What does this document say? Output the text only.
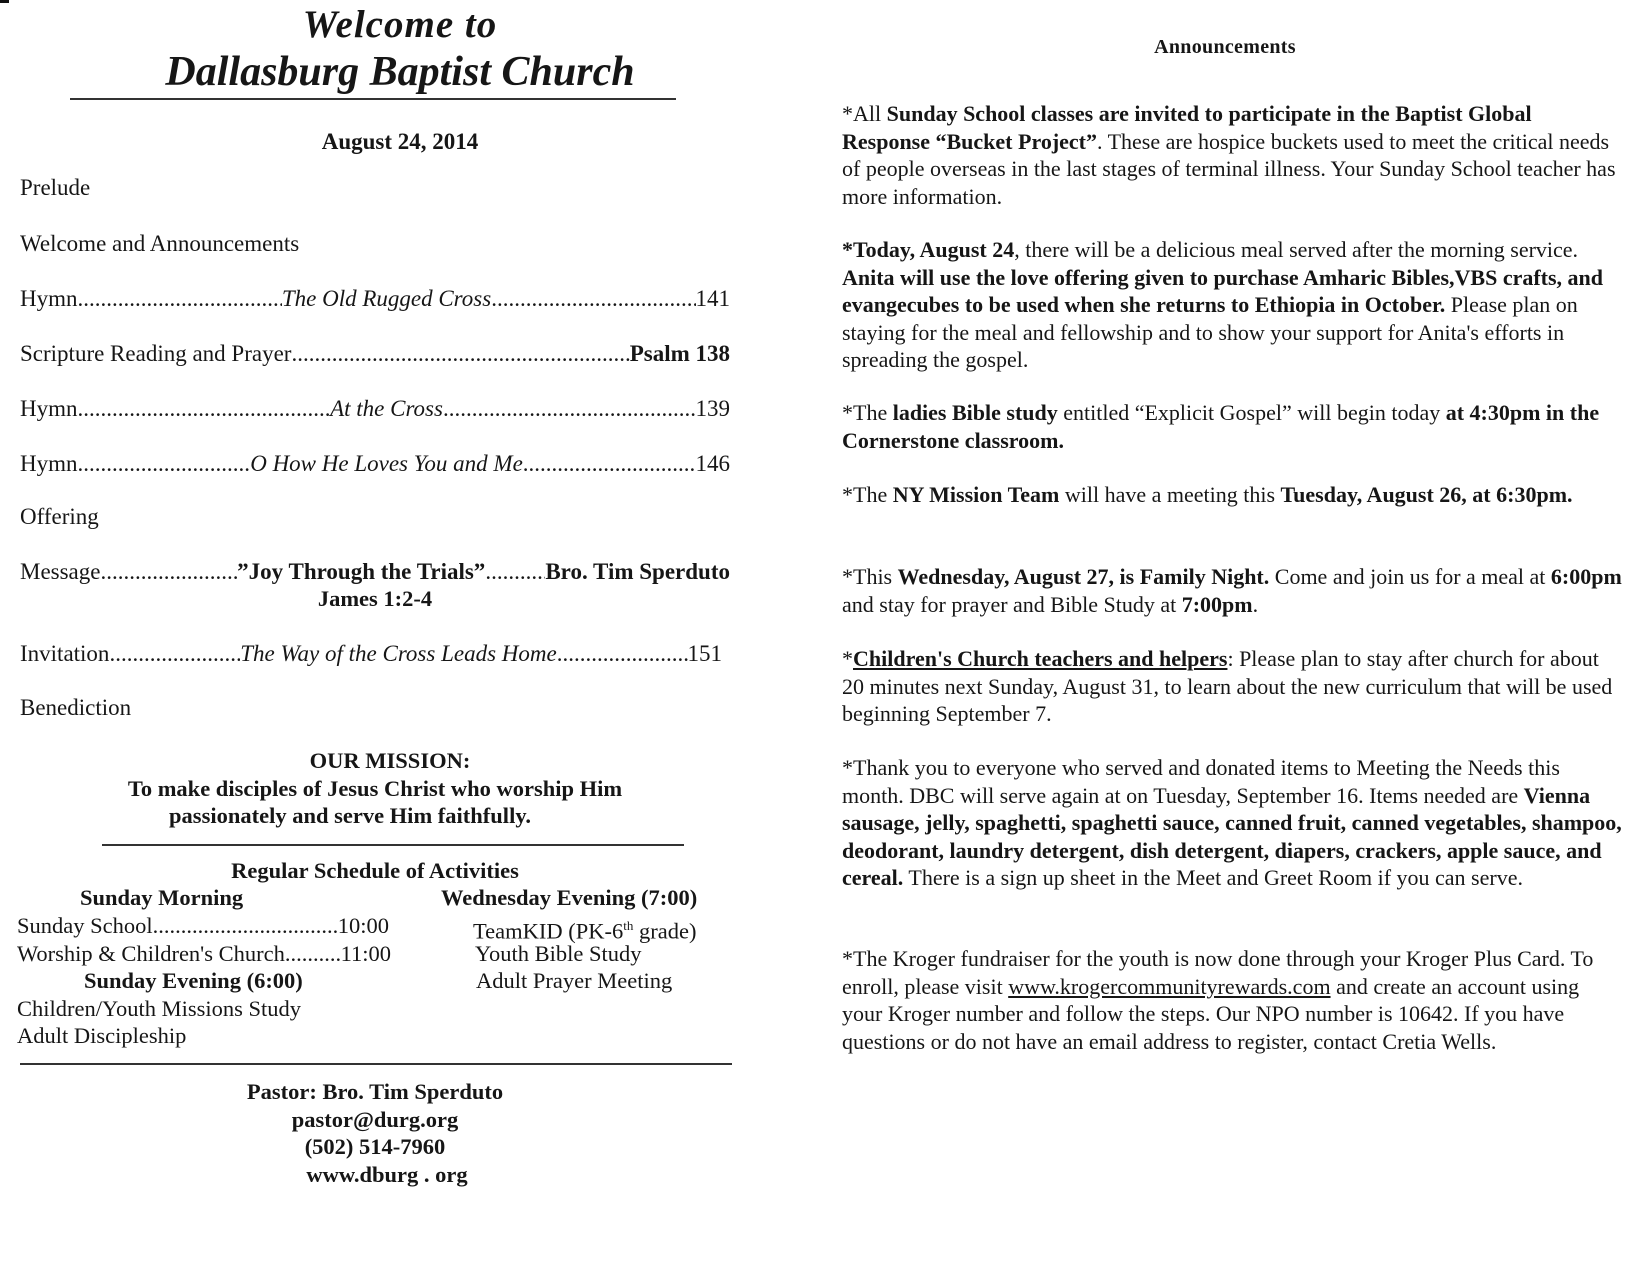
Welcome to
Dallasburg Baptist Church
August 24, 2014
Prelude
Welcome and Announcements
Hymn .....	The Old Rugged Cross .....	141
Scripture Reading and Prayer .....	Psalm 138
Hymn .....	At the Cross .....	139
Hymn .....	O How He Loves You and Me .....	146
Offering
Message .....	”Joy Through the Trials” .....	Bro. Tim Sperduto
James 1:2-4
Invitation .....	The Way of the Cross Leads Home .....	151
Benediction
OUR MISSION:
To make disciples of Jesus Christ who worship Him
passionately and serve Him faithfully.
Regular Schedule of Activities
Sunday Morning
Sunday School .....	10:00
Worship & Children's Church ..... 11:00
Sunday Evening (6:00)
Children/Youth Missions Study
Adult Discipleship
Wednesday Evening (7:00)
TeamKID (PK-6th grade)
Youth Bible Study
Adult Prayer Meeting
Pastor: Bro. Tim Sperduto
pastor@durg.org
(502) 514-7960
www.dburg . org
Announcements

*All Sunday School classes are invited to participate in the Baptist Global Response “Bucket Project”. These are hospice buckets used to meet the critical needs of people overseas in the last stages of terminal illness. Your Sunday School teacher has more information.

*Today, August 24, there will be a delicious meal served after the morning service. Anita will use the love offering given to purchase Amharic Bibles,VBS crafts, and evangecubes to be used when she returns to Ethiopia in October. Please plan on staying for the meal and fellowship and to show your support for Anita's efforts in spreading the gospel.

*The ladies Bible study entitled “Explicit Gospel” will begin today at 4:30pm in the Cornerstone classroom.

*The NY Mission Team will have a meeting this Tuesday, August 26, at 6:30pm.

*This Wednesday, August 27, is Family Night. Come and join us for a meal at 6:00pm and stay for prayer and Bible Study at 7:00pm.

*Children's Church teachers and helpers: Please plan to stay after church for about 20 minutes next Sunday, August 31, to learn about the new curriculum that will be used beginning September 7.

*Thank you to everyone who served and donated items to Meeting the Needs this month. DBC will serve again at on Tuesday, September 16. Items needed are Vienna sausage, jelly, spaghetti, spaghetti sauce, canned fruit, canned vegetables, shampoo, deodorant, laundry detergent, dish detergent, diapers, crackers, apple sauce, and cereal. There is a sign up sheet in the Meet and Greet Room if you can serve.

*The Kroger fundraiser for the youth is now done through your Kroger Plus Card. To enroll, please visit www.krogercommunityrewards.com and create an account using your Kroger number and follow the steps. Our NPO number is 10642. If you have questions or do not have an email address to register, contact Cretia Wells.
